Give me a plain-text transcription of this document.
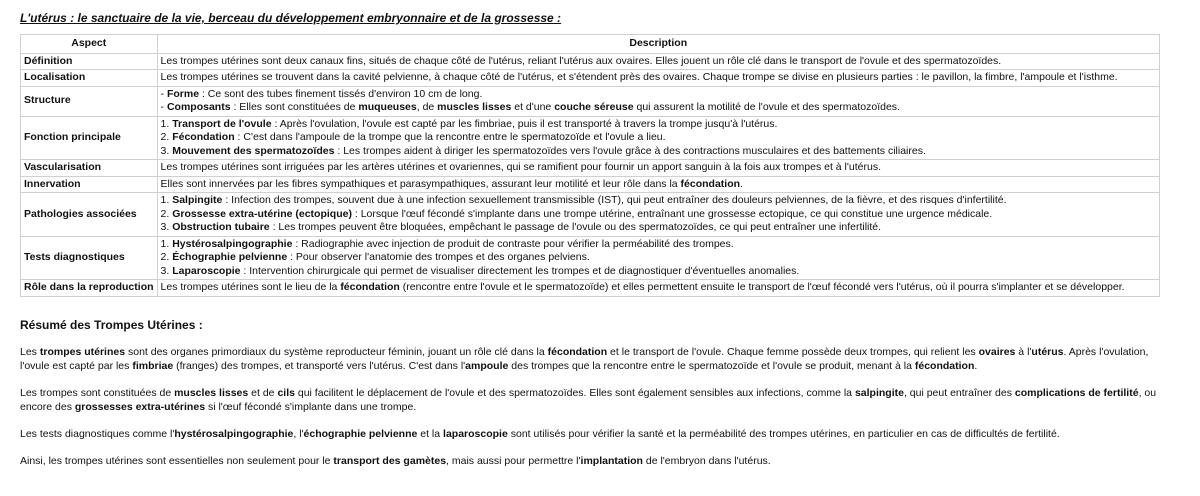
L'utérus : le sanctuaire de la vie, berceau du développement embryonnaire et de la grossesse :
Aspect	Description
Définition	Les trompes utérines sont deux canaux fins, situés de chaque côté de l'utérus, reliant l'utérus aux ovaires. Elles jouent un rôle clé dans le transport de l'ovule et des spermatozoïdes.

Localisation	Les trompes utérines se trouvent dans la cavité pelvienne, à chaque côté de l'utérus, et s'étendent près des ovaires. Chaque trompe se divise en plusieurs parties : le pavillon, la fimbre, l'ampoule et l'isthme.

Structure	- Forme : Ce sont des tubes finement tissés d'environ 10 cm de long.
- Composants : Elles sont constituées de muqueuses, de muscles lisses et d'une couche séreuse qui assurent la motilité de l'ovule et des spermatozoïdes.

Fonction principale	1. Transport de l'ovule : Après l'ovulation, l'ovule est capté par les fimbriae, puis il est transporté à travers la trompe jusqu'à l'utérus.
2. Fécondation : C'est dans l'ampoule de la trompe que la rencontre entre le spermatozoïde et l'ovule a lieu.
3. Mouvement des spermatozoïdes : Les trompes aident à diriger les spermatozoïdes vers l'ovule grâce à des contractions musculaires et des battements ciliaires.

Vascularisation	Les trompes utérines sont irriguées par les artères utérines et ovariennes, qui se ramifient pour fournir un apport sanguin à la fois aux trompes et à l'utérus.

Innervation	Elles sont innervées par les fibres sympathiques et parasympathiques, assurant leur motilité et leur rôle dans la fécondation.

Pathologies associées	1. Salpingite : Infection des trompes, souvent due à une infection sexuellement transmissible (IST), qui peut entraîner des douleurs pelviennes, de la fièvre, et des risques d'infertilité.
2. Grossesse extra-utérine (ectopique) : Lorsque l'œuf fécondé s'implante dans une trompe utérine, entraînant une grossesse ectopique, ce qui constitue une urgence médicale.
3. Obstruction tubaire : Les trompes peuvent être bloquées, empêchant le passage de l'ovule ou des spermatozoïdes, ce qui peut entraîner une infertilité.

Tests diagnostiques	1. Hystérosalpingographie : Radiographie avec injection de produit de contraste pour vérifier la perméabilité des trompes.
2. Échographie pelvienne : Pour observer l'anatomie des trompes et des organes pelviens.
3. Laparoscopie : Intervention chirurgicale qui permet de visualiser directement les trompes et de diagnostiquer d'éventuelles anomalies.

Rôle dans la reproduction	Les trompes utérines sont le lieu de la fécondation (rencontre entre l'ovule et le spermatozoïde) et elles permettent ensuite le transport de l'œuf fécondé vers l'utérus, où il pourra s'implanter et se développer.
Résumé des Trompes Utérines :

Les trompes utérines sont des organes primordiaux du système reproducteur féminin, jouant un rôle clé dans la fécondation et le transport de l'ovule. Chaque femme possède deux trompes, qui relient les ovaires à l'utérus. Après l'ovulation, l'ovule est capté par les fimbriae (franges) des trompes, et transporté vers l'utérus. C'est dans l'ampoule des trompes que la rencontre entre le spermatozoïde et l'ovule se produit, menant à la fécondation.

Les trompes sont constituées de muscles lisses et de cils qui facilitent le déplacement de l'ovule et des spermatozoïdes. Elles sont également sensibles aux infections, comme la salpingite, qui peut entraîner des complications de fertilité, ou encore des grossesses extra-utérines si l'œuf fécondé s'implante dans une trompe.

Les tests diagnostiques comme l'hystérosalpingographie, l'échographie pelvienne et la laparoscopie sont utilisés pour vérifier la santé et la perméabilité des trompes utérines, en particulier en cas de difficultés de fertilité.

Ainsi, les trompes utérines sont essentielles non seulement pour le transport des gamètes, mais aussi pour permettre l'implantation de l'embryon dans l'utérus.
